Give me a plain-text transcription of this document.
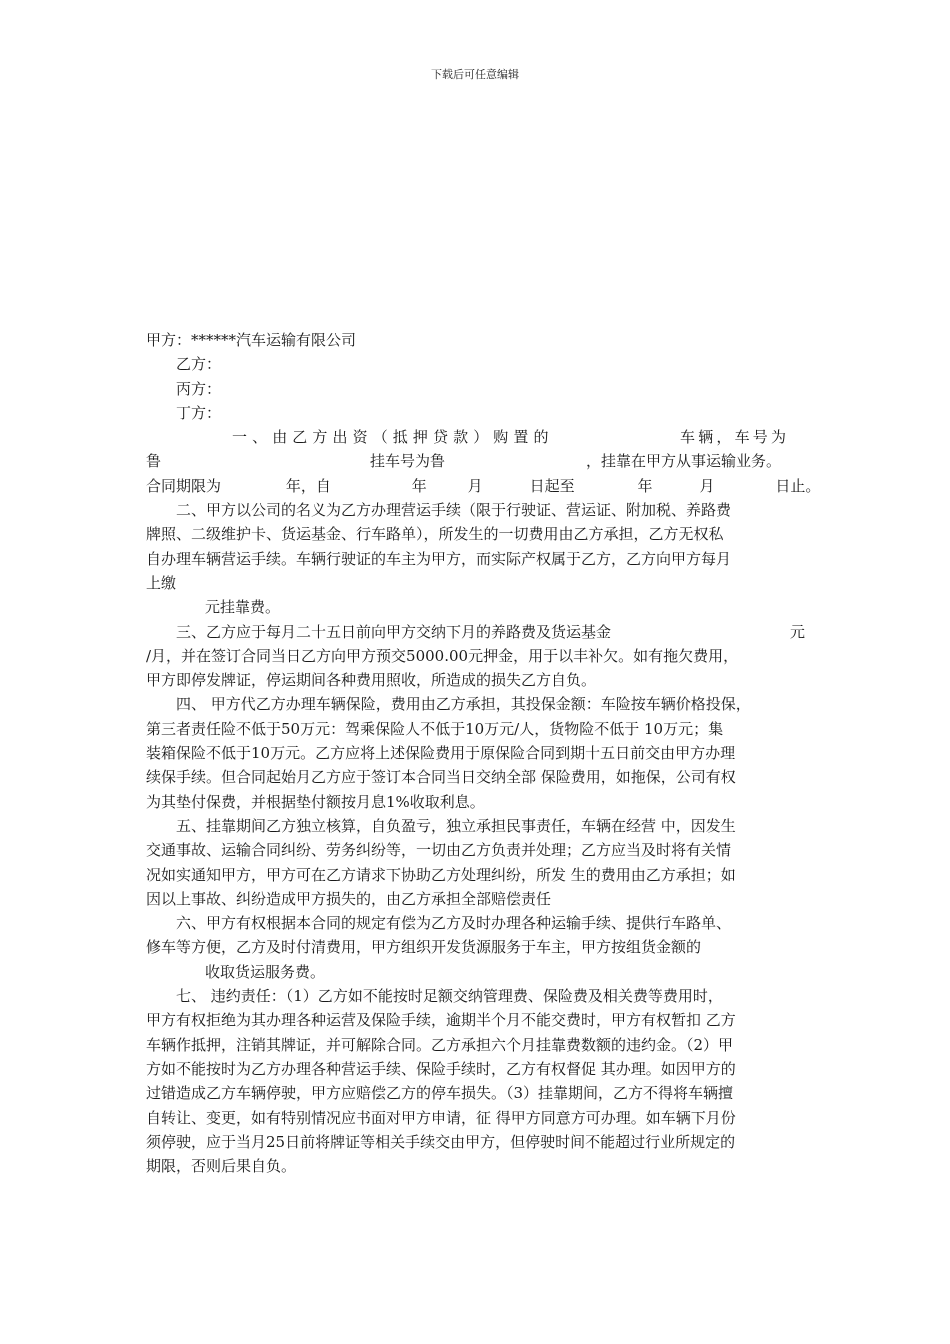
下载后可任意编辑
甲方：******汽车运输有限公司
乙方：
丙方：
丁方：
一、由乙方出资（抵押贷款）购置的	车辆，车号为
鲁	挂车号为鲁	，挂靠在甲方从事运输业务。
合同期限为	年，自	年	月	日起至	年	月	日止。
二、甲方以公司的名义为乙方办理营运手续（限于行驶证、营运证、附加税、养路费
牌照、二级维护卡、货运基金、行车路单），所发生的一切费用由乙方承担，乙方无权私
自办理车辆营运手续。车辆行驶证的车主为甲方，而实际产权属于乙方，乙方向甲方每月
上缴
元挂靠费。
三、乙方应于每月二十五日前向甲方交纳下月的养路费及货运基金	元
/月，并在签订合同当日乙方向甲方预交5000.00元押金，用于以丰补欠。如有拖欠费用，
甲方即停发牌证，停运期间各种费用照收，所造成的损失乙方自负。
四、 甲方代乙方办理车辆保险，费用由乙方承担，其投保金额：车险按车辆价格投保，
第三者责任险不低于50万元：驾乘保险人不低于10万元/人，货物险不低于 10万元；集
装箱保险不低于10万元。乙方应将上述保险费用于原保险合同到期十五日前交由甲方办理
续保手续。但合同起始月乙方应于签订本合同当日交纳全部 保险费用，如拖保，公司有权
为其垫付保费，并根据垫付额按月息1%收取利息。
五、挂靠期间乙方独立核算，自负盈亏，独立承担民事责任，车辆在经营 中，因发生
交通事故、运输合同纠纷、劳务纠纷等，一切由乙方负责并处理；乙方应当及时将有关情
况如实通知甲方，甲方可在乙方请求下协助乙方处理纠纷，所发 生的费用由乙方承担；如
因以上事故、纠纷造成甲方损失的，由乙方承担全部赔偿责任
六、甲方有权根据本合同的规定有偿为乙方及时办理各种运输手续、提供行车路单、
修车等方便，乙方及时付清费用，甲方组织开发货源服务于车主，甲方按组货金额的
收取货运服务费。
七、 违约责任：（1）乙方如不能按时足额交纳管理费、保险费及相关费等费用时，
甲方有权拒绝为其办理各种运营及保险手续，逾期半个月不能交费时，甲方有权暂扣 乙方
车辆作抵押，注销其牌证，并可解除合同。乙方承担六个月挂靠费数额的违约金。（2）甲
方如不能按时为乙方办理各种营运手续、保险手续时，乙方有权督促 其办理。如因甲方的
过错造成乙方车辆停驶，甲方应赔偿乙方的停车损失。（3）挂靠期间，乙方不得将车辆擅
自转让、变更，如有特别情况应书面对甲方申请，征 得甲方同意方可办理。如车辆下月份
须停驶，应于当月25日前将牌证等相关手续交由甲方，但停驶时间不能超过行业所规定的
期限，否则后果自负。
